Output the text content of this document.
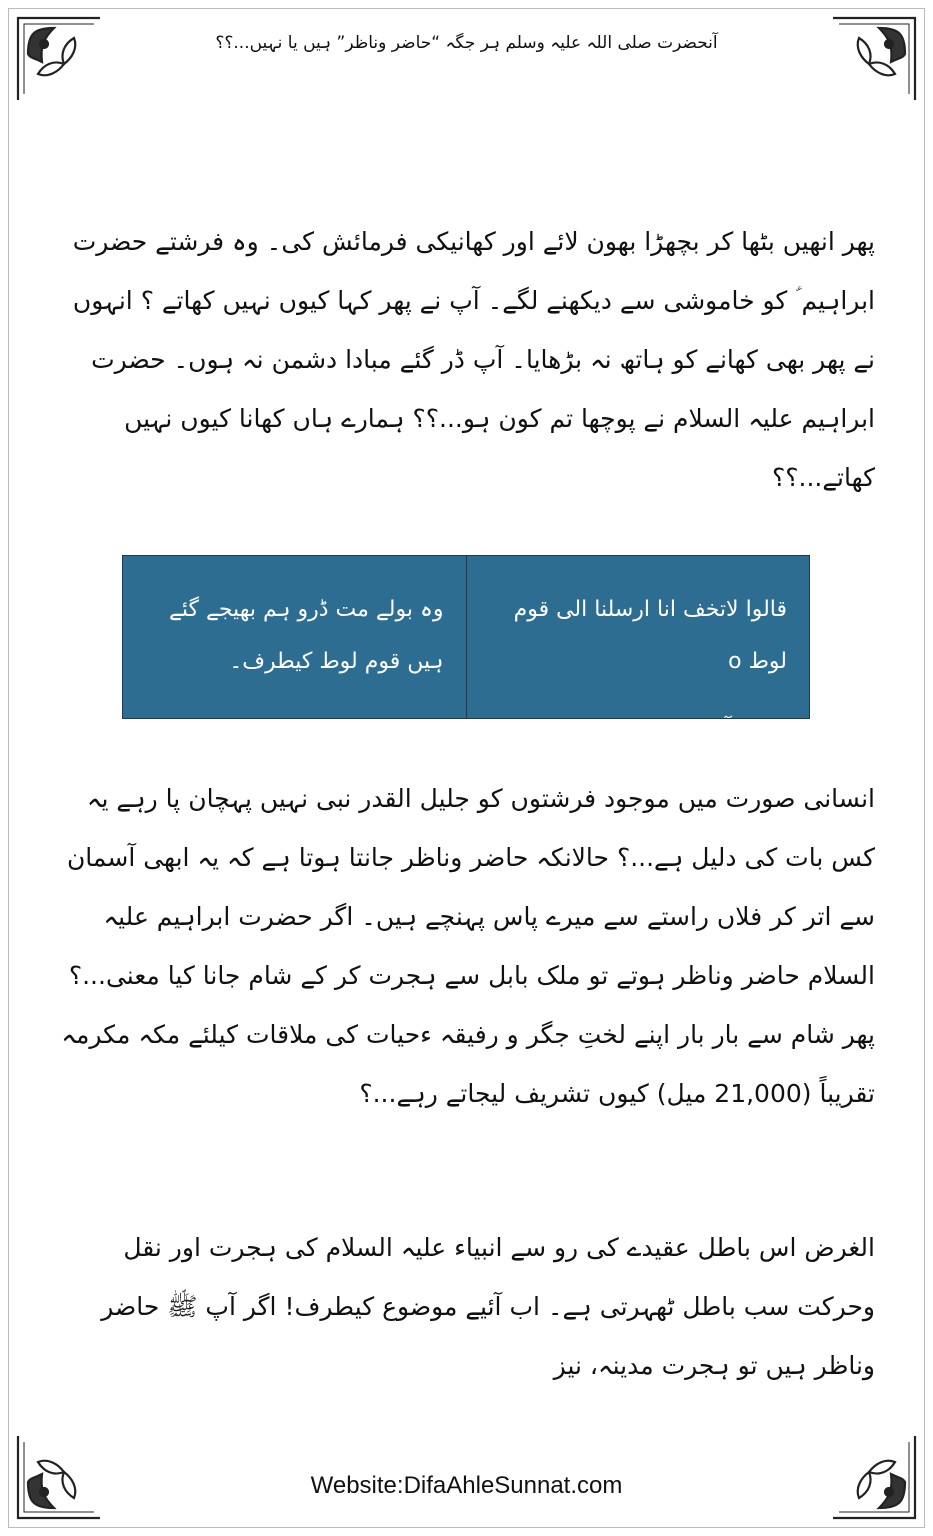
آنحضرت صلی اللہ علیہ وسلم ہر جگہ “حاضر وناظر” ہیں یا نہیں...؟؟
پھر انھیں بٹھا کر بچھڑا بھون لائے اور کھانیکی فرمائش کی۔ وہ فرشتے حضرت ابراہیم ؑ کو خاموشی سے دیکھنے لگے۔ آپ نے پھر کہا کیوں نہیں کھاتے ؟ انہوں نے پھر بھی کھانے کو ہاتھ نہ بڑھایا۔ آپ ڈر گئے مبادا دشمن نہ ہوں۔ حضرت ابراہیم علیہ السلام نے پوچھا تم کون ہو...؟؟ ہمارے ہاں کھانا کیوں نہیں کھاتے...؟؟
قالوا لاتخف انا ارسلنا الی قوم لوط o
(ھود: آیت ۷۰)
وہ بولے مت ڈرو ہم بھیجے گئے ہیں قوم لوط کیطرف۔
انسانی صورت میں موجود فرشتوں کو جلیل القدر نبی نہیں پہچان پا رہے یہ کس بات کی دلیل ہے...؟ حالانکہ حاضر وناظر جانتا ہوتا ہے کہ یہ ابھی آسمان سے اتر کر فلاں راستے سے میرے پاس پہنچے ہیں۔ اگر حضرت ابراہیم علیہ السلام حاضر وناظر ہوتے تو ملک بابل سے ہجرت کر کے شام جانا کیا معنی...؟ پھر شام سے بار بار اپنے لختِ جگر و رفیقہ ءحیات کی ملاقات کیلئے مکہ مکرمہ تقریباً (21,000 میل) کیوں تشریف لیجاتے رہے...؟
الغرض اس باطل عقیدے کی رو سے انبیاء علیہ السلام کی ہجرت اور نقل وحرکت سب باطل ٹھہرتی ہے۔ اب آئیے موضوع کیطرف! اگر آپ ﷺ حاضر وناظر ہیں تو ہجرت مدینہ، نیز
Website:DifaAhleSunnat.com
